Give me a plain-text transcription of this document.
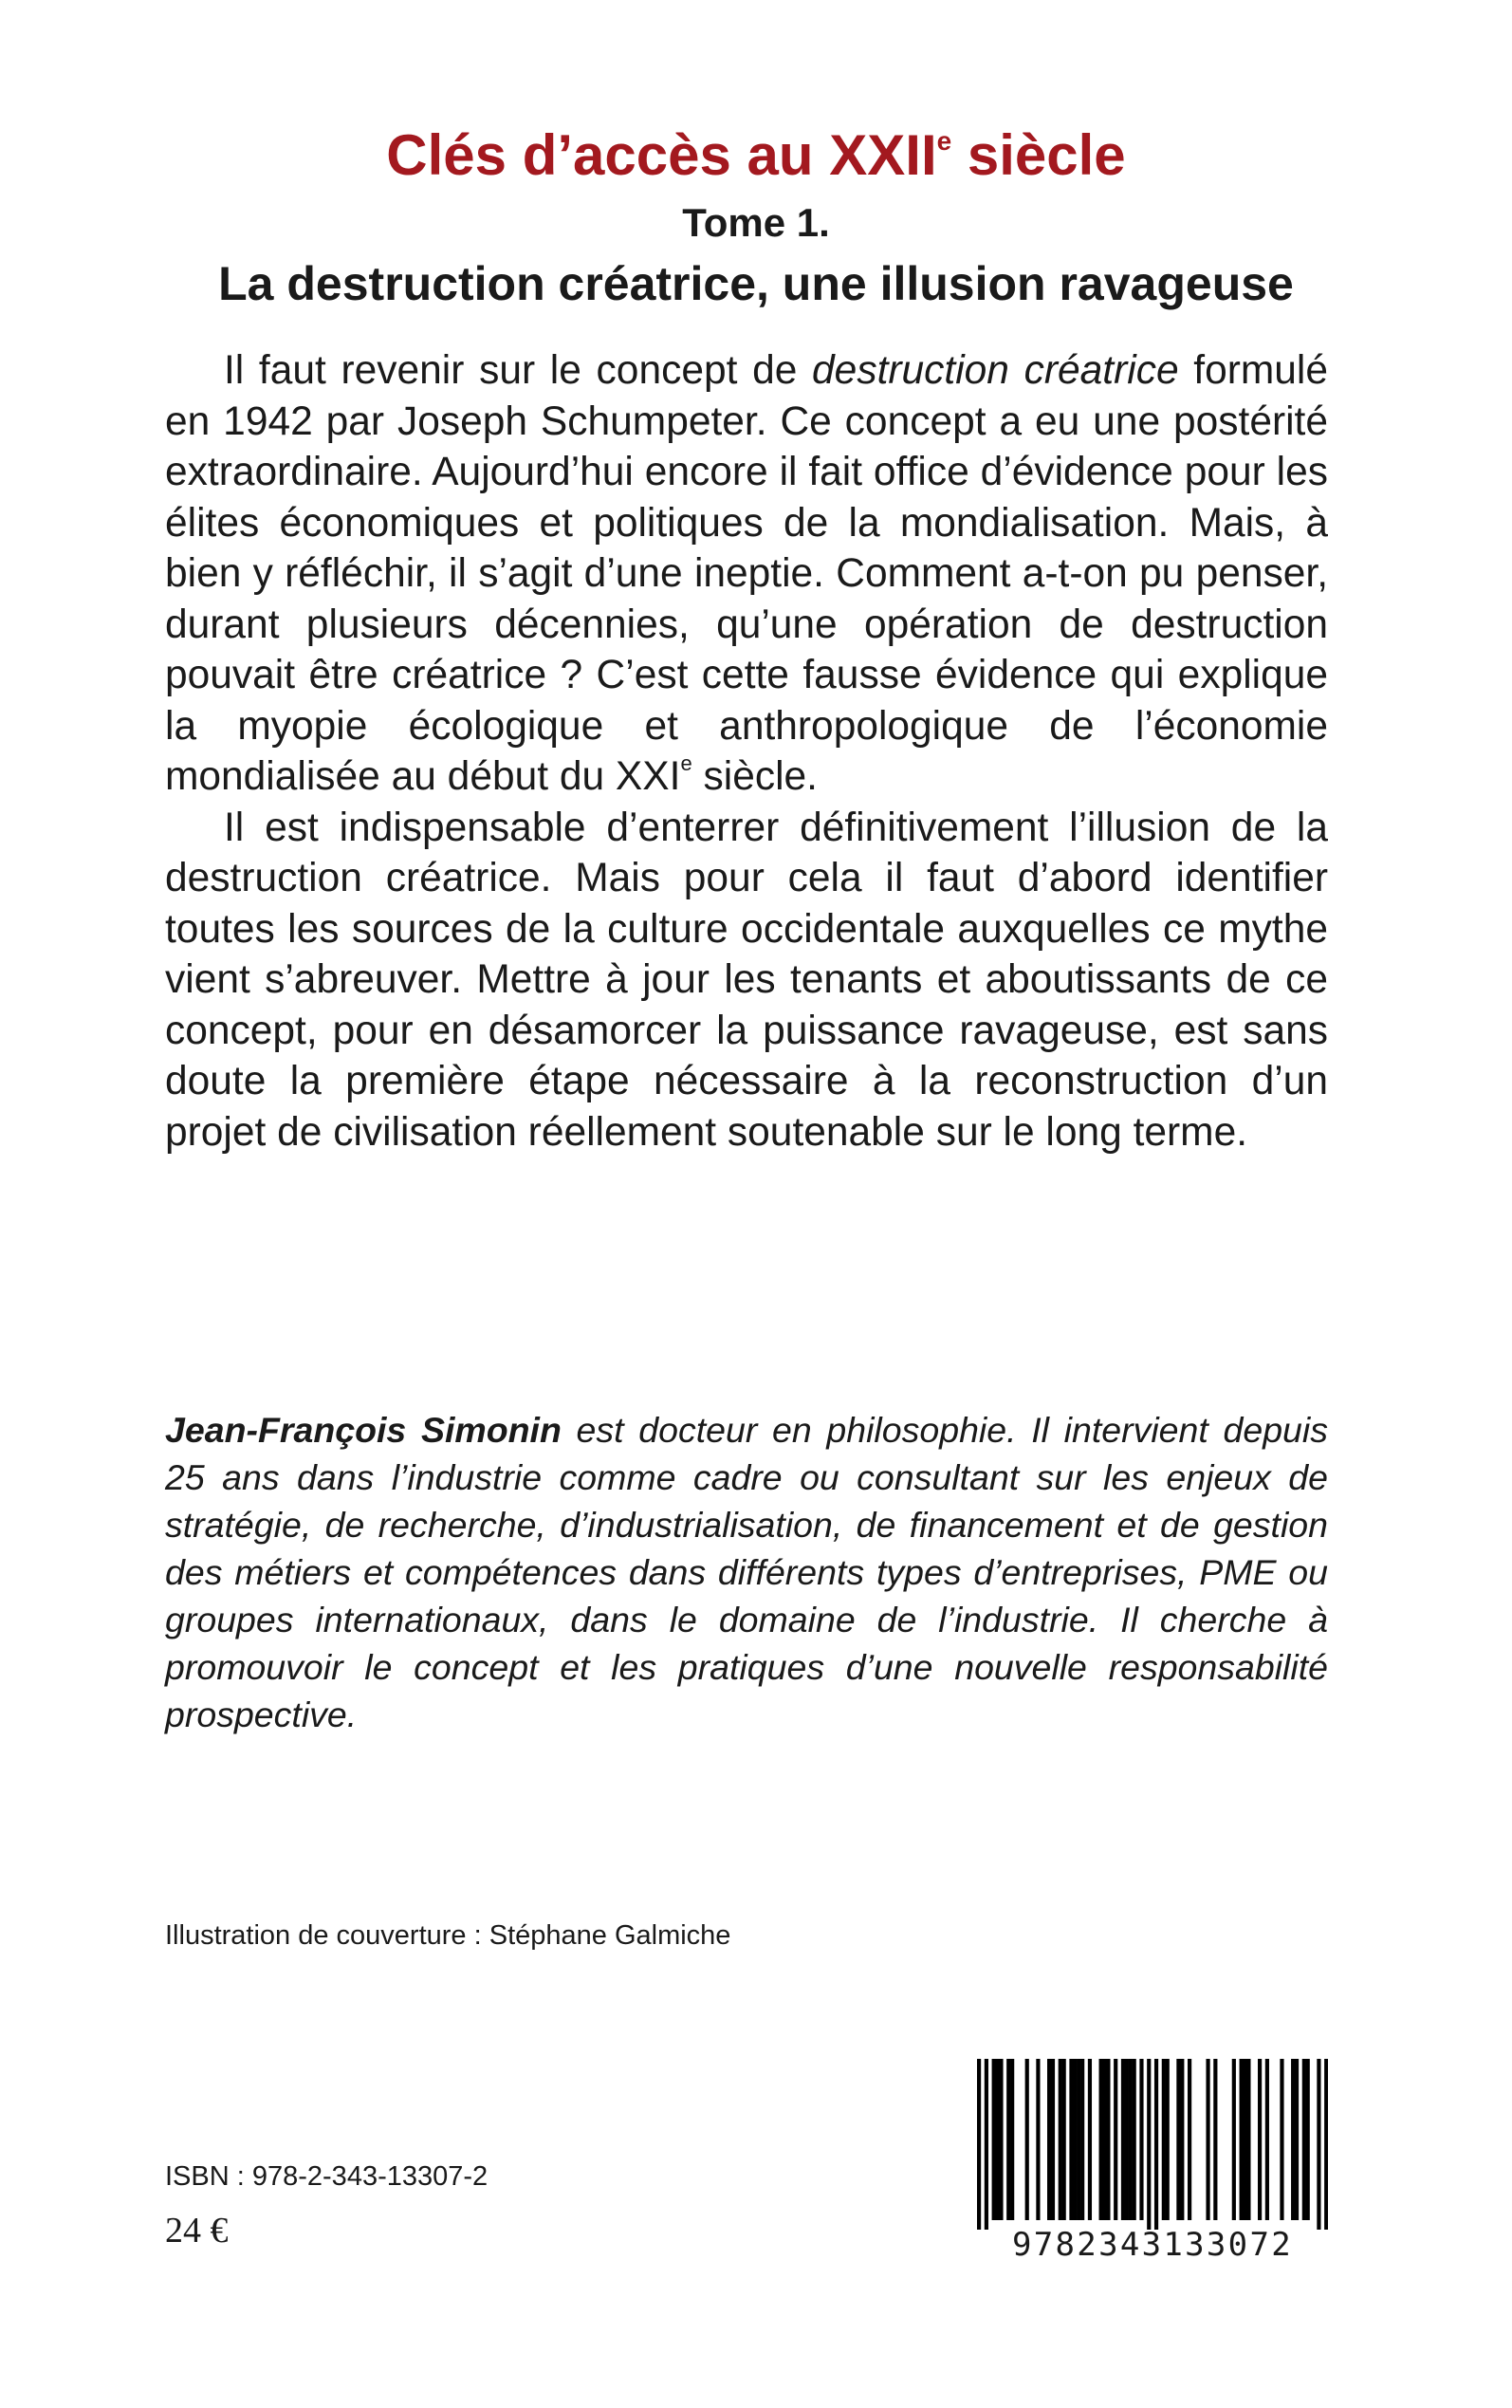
Clés d’accès au XXIIe siècle
Tome 1.
La destruction créatrice, une illusion ravageuse

Il faut revenir sur le concept de destruction créatrice formulé en 1942 par Joseph Schumpeter. Ce concept a eu une postérité extraordinaire. Aujourd’hui encore il fait office d’évidence pour les élites économiques et politiques de la mondialisation. Mais, à bien y réfléchir, il s’agit d’une ineptie. Comment a-t-on pu penser, durant plusieurs décennies, qu’une opération de destruction pouvait être créatrice ? C’est cette fausse évidence qui explique la myopie écologique et anthropologique de l’économie mondialisée au début du XXIe siècle.

Il est indispensable d’enterrer définitivement l’illusion de la destruction créatrice. Mais pour cela il faut d’abord identifier toutes les sources de la culture occidentale auxquelles ce mythe vient s’abreuver. Mettre à jour les tenants et aboutissants de ce concept, pour en désamorcer la puissance ravageuse, est sans doute la première étape nécessaire à la reconstruction d’un projet de civilisation réellement soutenable sur le long terme.

Jean-François Simonin est docteur en philosophie. Il intervient depuis 25 ans dans l’industrie comme cadre ou consultant sur les enjeux de stratégie, de recherche, d’industrialisation, de financement et de gestion des métiers et compétences dans différents types d’entreprises, PME ou groupes internationaux, dans le domaine de l’industrie. Il cherche à promouvoir le concept et les pratiques d’une nouvelle responsabilité prospective.

Illustration de couverture : Stéphane Galmiche
ISBN : 978-2-343-13307-2
24 €	9782343133072
